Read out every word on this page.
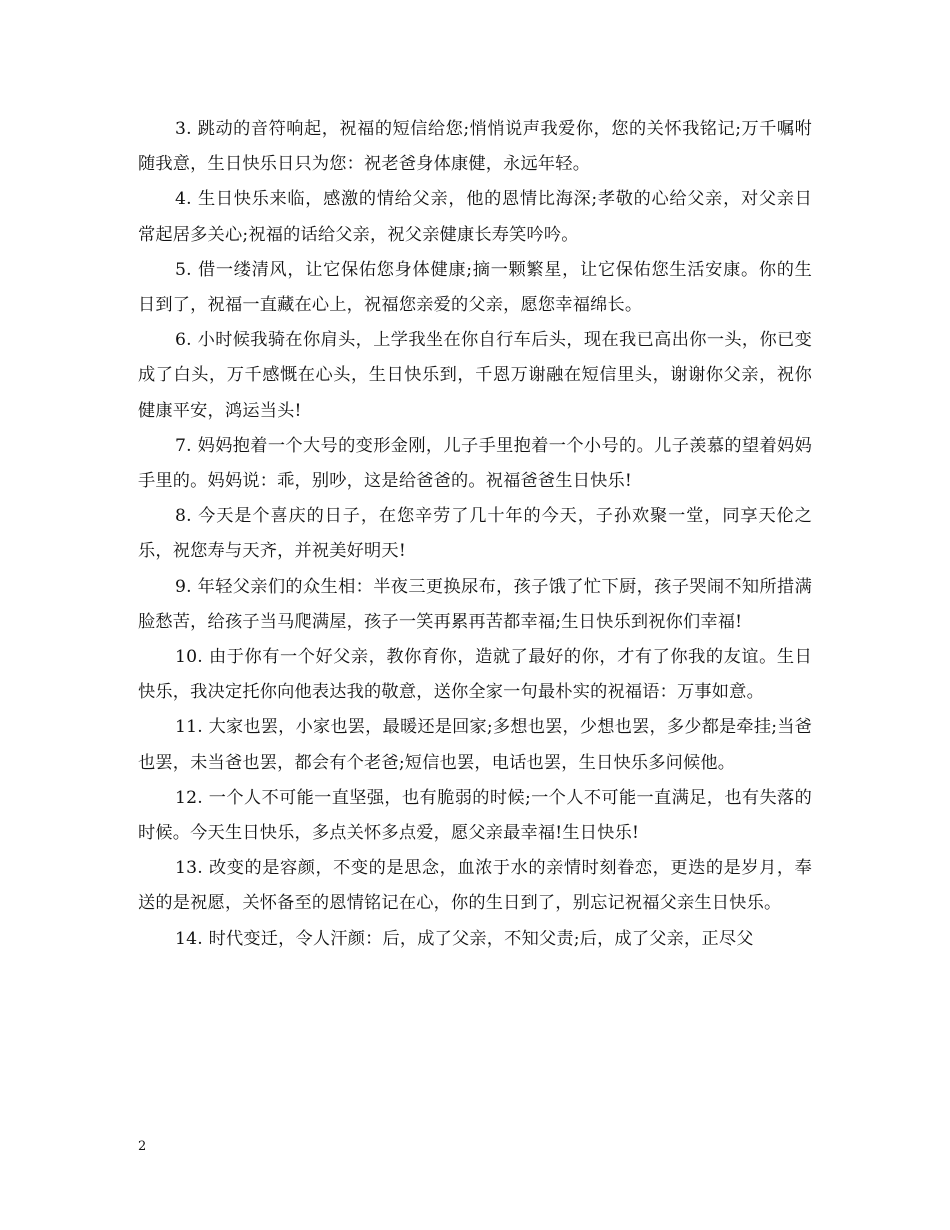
3. 跳动的音符响起，祝福的短信给您;悄悄说声我爱你，您的关怀我铭记;万千嘱咐随我意，生日快乐日只为您：祝老爸身体康健，永远年轻。

4. 生日快乐来临，感激的情给父亲，他的恩情比海深;孝敬的心给父亲，对父亲日常起居多关心;祝福的话给父亲，祝父亲健康长寿笑吟吟。

5. 借一缕清风，让它保佑您身体健康;摘一颗繁星，让它保佑您生活安康。你的生日到了，祝福一直藏在心上，祝福您亲爱的父亲，愿您幸福绵长。

6. 小时候我骑在你肩头，上学我坐在你自行车后头，现在我已高出你一头，你已变成了白头，万千感慨在心头，生日快乐到，千恩万谢融在短信里头，谢谢你父亲，祝你健康平安，鸿运当头!

7. 妈妈抱着一个大号的变形金刚，儿子手里抱着一个小号的。儿子羡慕的望着妈妈手里的。妈妈说：乖，别吵，这是给爸爸的。祝福爸爸生日快乐!

8. 今天是个喜庆的日子，在您辛劳了几十年的今天，子孙欢聚一堂，同享天伦之乐，祝您寿与天齐，并祝美好明天!

9. 年轻父亲们的众生相：半夜三更换尿布，孩子饿了忙下厨，孩子哭闹不知所措满脸愁苦，给孩子当马爬满屋，孩子一笑再累再苦都幸福;生日快乐到祝你们幸福!

10. 由于你有一个好父亲，教你育你，造就了最好的你，才有了你我的友谊。生日快乐，我决定托你向他表达我的敬意，送你全家一句最朴实的祝福语：万事如意。

11. 大家也罢，小家也罢，最暖还是回家;多想也罢，少想也罢，多少都是牵挂;当爸也罢，未当爸也罢，都会有个老爸;短信也罢，电话也罢，生日快乐多问候他。

12. 一个人不可能一直坚强，也有脆弱的时候;一个人不可能一直满足，也有失落的时候。今天生日快乐，多点关怀多点爱，愿父亲最幸福!生日快乐!

13. 改变的是容颜，不变的是思念，血浓于水的亲情时刻眷恋，更迭的是岁月，奉送的是祝愿，关怀备至的恩情铭记在心，你的生日到了，别忘记祝福父亲生日快乐。

14. 时代变迁，令人汗颜：后，成了父亲，不知父责;后，成了父亲，正尽父

2
